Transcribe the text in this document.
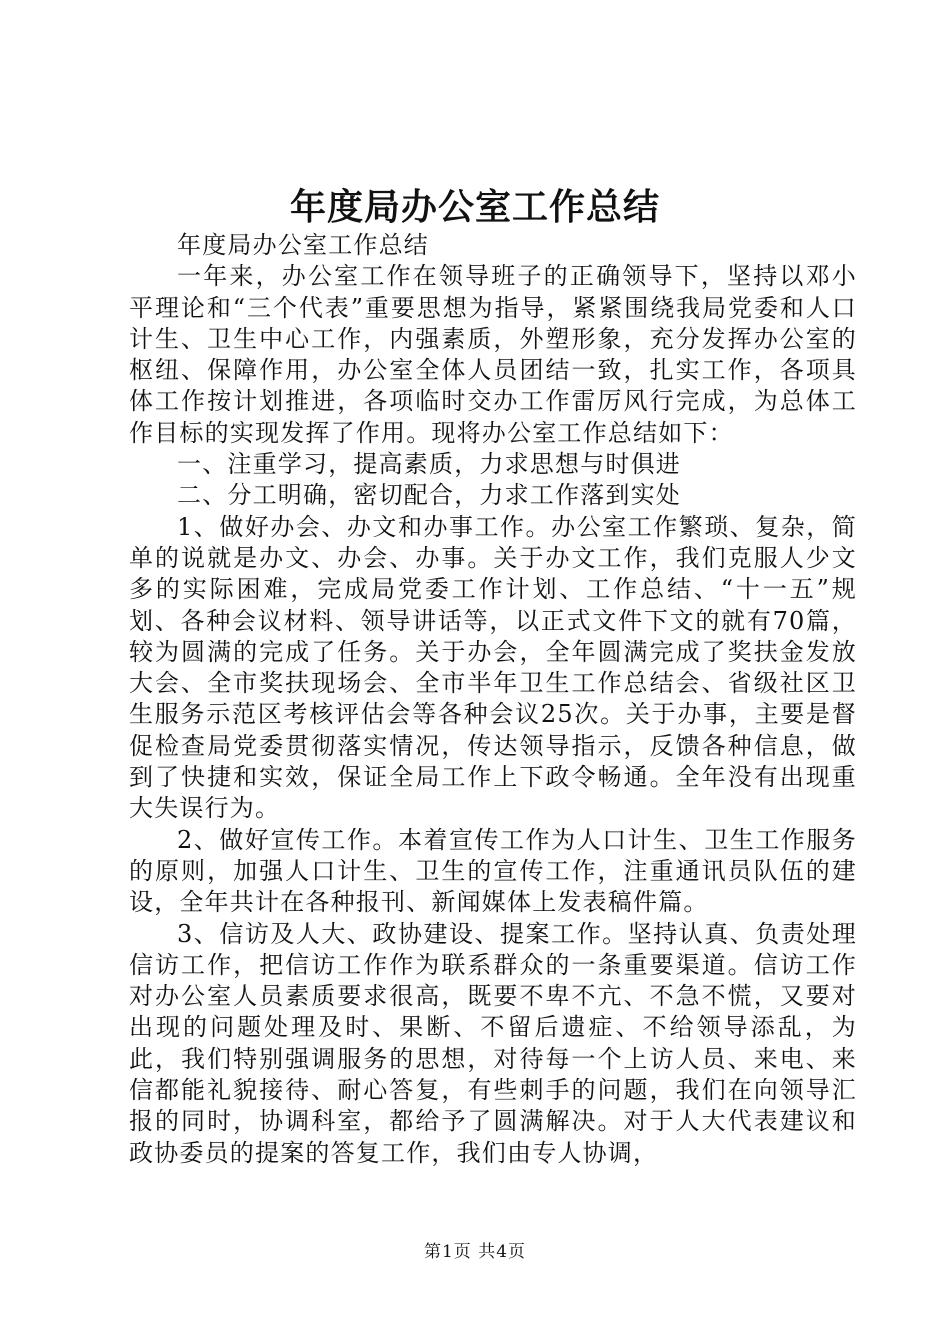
年度局办公室工作总结

年度局办公室工作总结

一年来，办公室工作在领导班子的正确领导下，坚持以邓小平理论和“三个代表”重要思想为指导，紧紧围绕我局党委和人口计生、卫生中心工作，内强素质，外塑形象，充分发挥办公室的枢纽、保障作用，办公室全体人员团结一致，扎实工作，各项具体工作按计划推进，各项临时交办工作雷厉风行完成，为总体工作目标的实现发挥了作用。现将办公室工作总结如下：

一、注重学习，提高素质，力求思想与时俱进

二、分工明确，密切配合，力求工作落到实处

1、做好办会、办文和办事工作。办公室工作繁琐、复杂，简单的说就是办文、办会、办事。关于办文工作，我们克服人少文多的实际困难，完成局党委工作计划、工作总结、“十一五”规划、各种会议材料、领导讲话等，以正式文件下文的就有70篇，较为圆满的完成了任务。关于办会，全年圆满完成了奖扶金发放大会、全市奖扶现场会、全市半年卫生工作总结会、省级社区卫生服务示范区考核评估会等各种会议25次。关于办事，主要是督促检查局党委贯彻落实情况，传达领导指示，反馈各种信息，做到了快捷和实效，保证全局工作上下政令畅通。全年没有出现重大失误行为。

2、做好宣传工作。本着宣传工作为人口计生、卫生工作服务的原则，加强人口计生、卫生的宣传工作，注重通讯员队伍的建设，全年共计在各种报刊、新闻媒体上发表稿件篇。

3、信访及人大、政协建设、提案工作。坚持认真、负责处理信访工作，把信访工作作为联系群众的一条重要渠道。信访工作对办公室人员素质要求很高，既要不卑不亢、不急不慌，又要对出现的问题处理及时、果断、不留后遗症、不给领导添乱，为此，我们特别强调服务的思想，对待每一个上访人员、来电、来信都能礼貌接待、耐心答复，有些刺手的问题，我们在向领导汇报的同时，协调科室，都给予了圆满解决。对于人大代表建议和政协委员的提案的答复工作，我们由专人协调，

第1页 共4页
